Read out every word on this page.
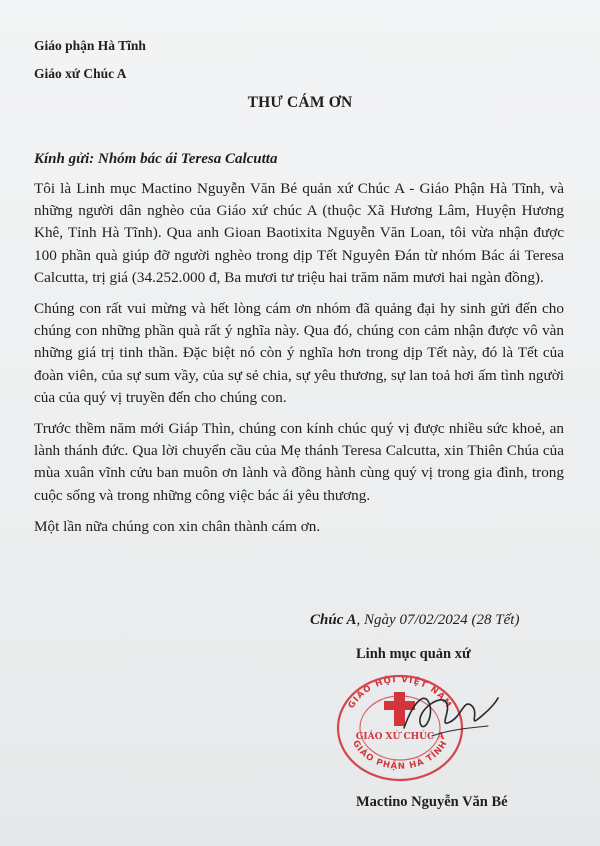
Giáo phận Hà Tĩnh
Giáo xứ Chúc A
THƯ CÁM ƠN
Kính gửi: Nhóm bác ái Teresa Calcutta

Tôi là Linh mục Mactino Nguyễn Văn Bé quản xứ Chúc A - Giáo Phận Hà Tĩnh, và những người dân nghèo của Giáo xứ chúc A (thuộc Xã Hương Lâm, Huyện Hương Khê, Tỉnh Hà Tĩnh). Qua anh Gioan Baotixita Nguyễn Văn Loan, tôi vừa nhận được 100 phần quà giúp đỡ người nghèo trong dịp Tết Nguyên Đán từ nhóm Bác ái Teresa Calcutta, trị giá (34.252.000 đ, Ba mươi tư triệu hai trăm năm mươi hai ngàn đồng).

Chúng con rất vui mừng và hết lòng cám ơn nhóm đã quảng đại hy sinh gửi đến cho chúng con những phần quà rất ý nghĩa này. Qua đó, chúng con cảm nhận được vô vàn những giá trị tinh thần. Đặc biệt nó còn ý nghĩa hơn trong dịp Tết này, đó là Tết của đoàn viên, của sự sum vầy, của sự sẻ chia, sự yêu thương, sự lan toả hơi ấm tình người của của quý vị truyền đến cho chúng con.

Trước thềm năm mới Giáp Thìn, chúng con kính chúc quý vị được nhiều sức khoẻ, an lành thánh đức. Qua lời chuyển cầu của Mẹ thánh Teresa Calcutta, xin Thiên Chúa của mùa xuân vĩnh cửu ban muôn ơn lành và đồng hành cùng quý vị trong gia đình, trong cuộc sống và trong những công việc bác ái yêu thương.

Một lần nữa chúng con xin chân thành cám ơn.

Chúc A, Ngày 07/02/2024 (28 Tết)
Linh mục quản xứ
GIÁO HỘI VIỆT NAM
GIÁO XỨ CHÚC A
GIÁO PHẬN HÀ TĨNH
Mactino Nguyễn Văn Bé
